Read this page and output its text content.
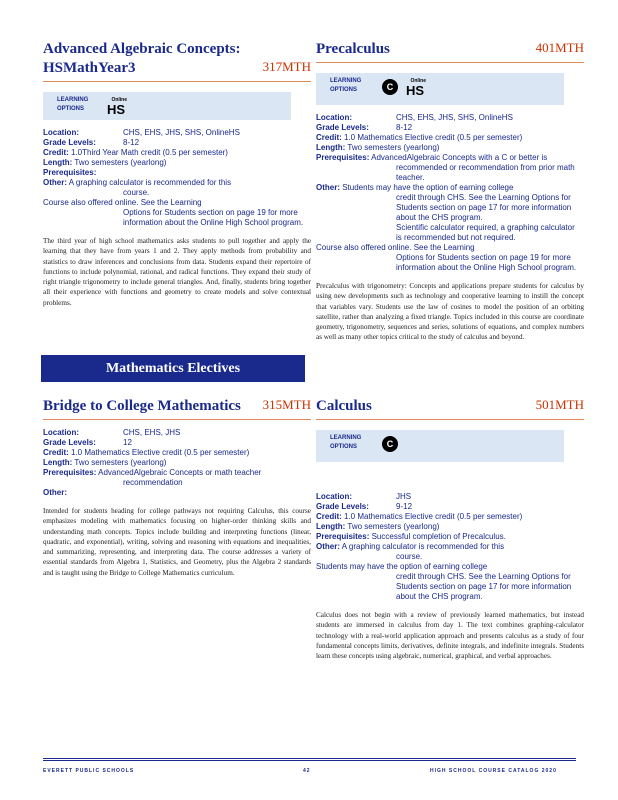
Advanced Algebraic Concepts:
HSMathYear3	317MTH
LEARNING OPTIONS
Online
HS
Location:	CHS, EHS, JHS, SHS, OnlineHS
Grade Levels:	8-12
Credit: 1.0Third Year Math credit (0.5 per semester)
Length: Two semesters (yearlong)
Prerequisites:
Other: A graphing calculator is recommended for this
course.
Course also offered online. See the Learning
Options for Students section on page 19 for more
information about the Online High School program.

The third year of high school mathematics asks students to pull together and apply the learning that they have from years 1 and 2. They apply methods from probability and statistics to draw inferences and conclusions from data. Students expand their repertoire of functions to include polynomial, rational, and radical functions. They expand their study of right triangle trigonometry to include general triangles. And, finally, students bring together all their experience with functions and geometry to create models and solve contextual problems.

Precalculus	401MTH
LEARNING OPTIONS	C
Online
HS
Location:	CHS, EHS, JHS, SHS, OnlineHS
Grade Levels:	8-12
Credit: 1.0 Mathematics Elective credit (0.5 per semester)
Length: Two semesters (yearlong)
Prerequisites: AdvancedAlgebraic Concepts with a C or better is
recommended or recommendation from prior math
teacher.
Other: Students may have the option of earning college
credit through CHS. See the Learning Options for
Students section on page 17 for more information
about the CHS program.
Scientific calculator required, a graphing calculator
is recommended but not required.
Course also offered online. See the Learning
Options for Students section on page 19 for more
information about the Online High School program.

Precalculus with trigonometry: Concepts and applications prepare students for calculus by using new developments such as technology and cooperative learning to instill the concept that variables vary. Students use the law of cosines to model the position of an orbiting satellite, rather than analyzing a fixed triangle. Topics included in this course are coordinate geometry, trigonometry, sequences and series, solutions of equations, and complex numbers as well as many other topics critical to the study of calculus and beyond.

Mathematics Electives
Bridge to College Mathematics	315MTH
Location:	CHS, EHS, JHS
Grade Levels:	12
Credit: 1.0 Mathematics Elective credit (0.5 per semester)
Length: Two semesters (yearlong)
Prerequisites: AdvancedAlgebraic Concepts or math teacher
recommendation
Other:

Intended for students heading for college pathways not requiring Calculus, this course emphasizes modeling with mathematics focusing on higher-order thinking skills and understanding math concepts. Topics include building and interpreting functions (linear, quadratic, and exponential), writing, solving and reasoning with equations and inequalities, and summarizing, representing, and interpreting data. The course addresses a variety of essential standards from Algebra 1, Statistics, and Geometry, plus the Algebra 2 standards and is taught using the Bridge to College Mathematics curriculum.

Calculus	501MTH
LEARNING OPTIONS	C
Location:	JHS
Grade Levels:	9-12
Credit: 1.0 Mathematics Elective credit (0.5 per semester)
Length: Two semesters (yearlong)
Prerequisites: Successful completion of Precalculus.
Other: A graphing calculator is recommended for this
course.
Students may have the option of earning college
credit through CHS. See the Learning Options for
Students section on page 17 for more information
about the CHS program.

Calculus does not begin with a review of previously learned mathematics, but instead students are immersed in calculus from day 1. The text combines graphing-calculator technology with a real-world application approach and presents calculus as a study of four fundamental concepts limits, derivatives, definite integrals, and indefinite integrals. Students learn these concepts using algebraic, numerical, graphical, and verbal approaches.

EVERETT PUBLIC SCHOOLS	42	HIGH SCHOOL COURSE CATALOG 2020
